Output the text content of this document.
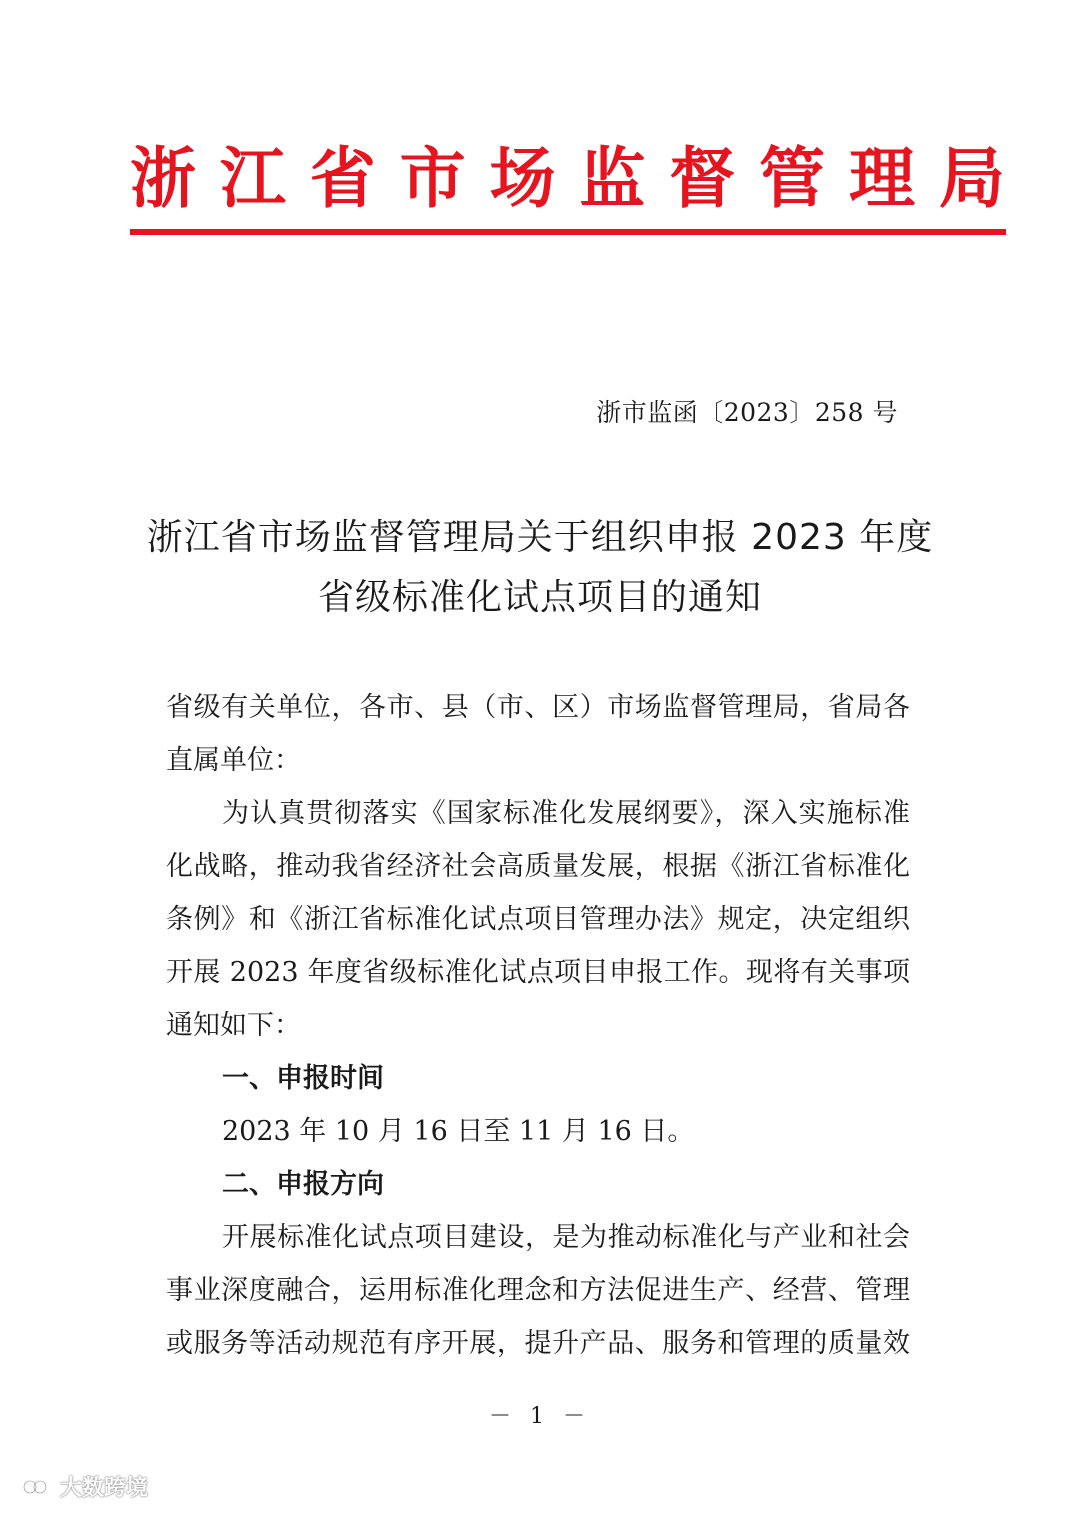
浙 江 省 市 场 监 督 管 理 局
浙市监函〔2023〕258 号
浙江省市场监督管理局关于组织申报 2023 年度
省级标准化试点项目的通知
省级有关单位，各市、县（市、区）市场监督管理局，省局各
直属单位：
为认真贯彻落实《国家标准化发展纲要》，深入实施标准
化战略，推动我省经济社会高质量发展，根据《浙江省标准化
条例》和《浙江省标准化试点项目管理办法》规定，决定组织
开展 2023 年度省级标准化试点项目申报工作。现将有关事项
通知如下：
一、申报时间
2023 年 10 月 16 日至 11 月 16 日。
二、申报方向
开展标准化试点项目建设，是为推动标准化与产业和社会
事业深度融合，运用标准化理念和方法促进生产、经营、管理
或服务等活动规范有序开展，提升产品、服务和管理的质量效
－ 1 －
大数跨境
